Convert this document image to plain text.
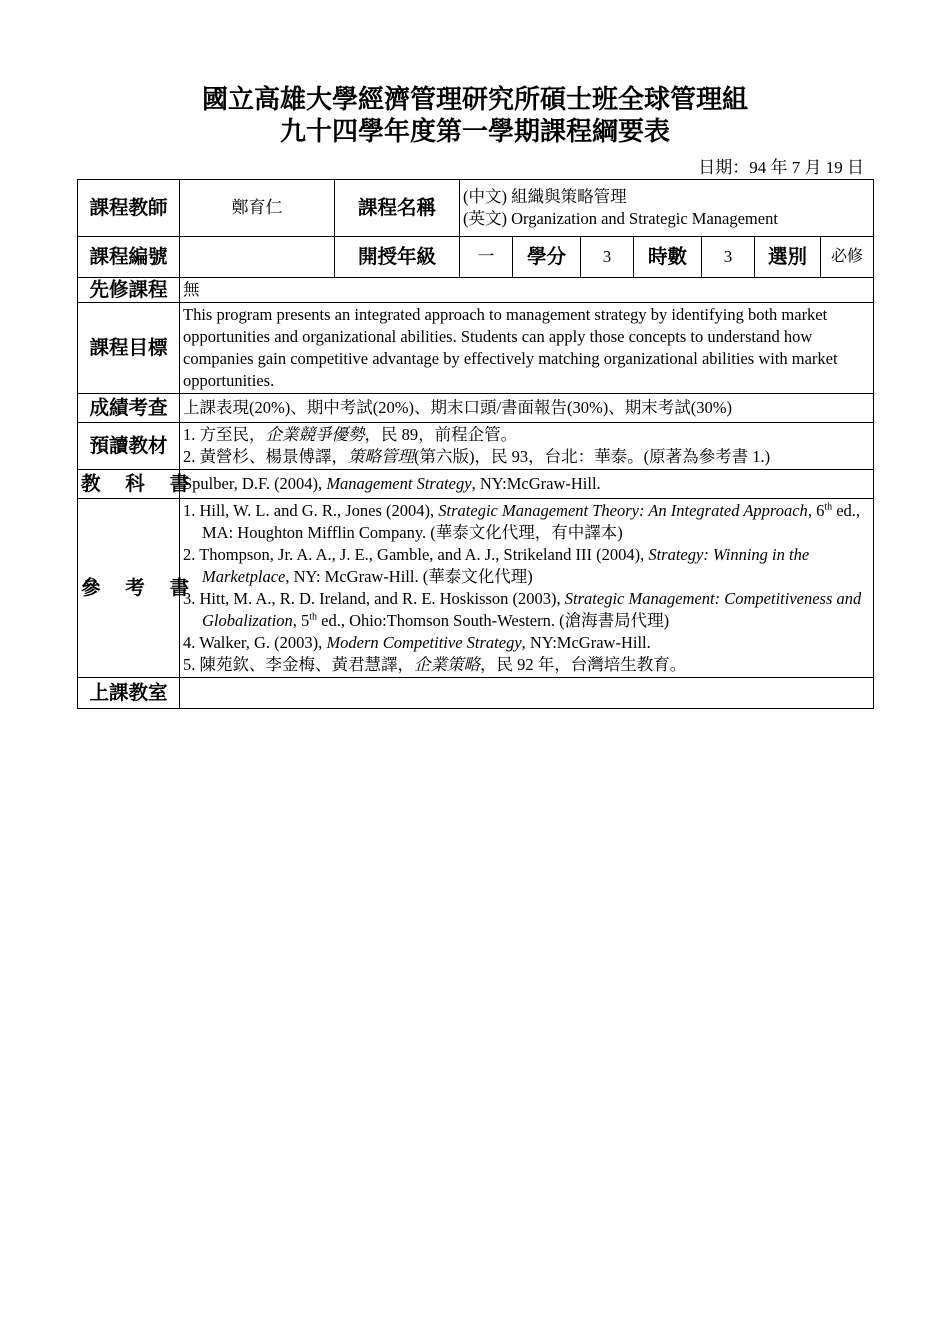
國立高雄大學經濟管理研究所碩士班全球管理組
九十四學年度第一學期課程綱要表
日期：94 年 7 月 19 日
課程教師	鄭育仁	課程名稱	(中文) 組織與策略管理
(英文) Organization and Strategic Management						

課程編號		開授年級	一	學分	3	時數	3	選別	必修
先修課程	無								
課程目標	This program presents an integrated approach to management strategy by identifying both market opportunities and organizational abilities. Students can apply those concepts to understand how companies gain competitive advantage by effectively matching organizational abilities with market opportunities.								
成績考查	上課表現(20%)、期中考試(20%)、期末口頭/書面報告(30%)、期末考試(30%)								
預讀教材	1. 方至民，企業競爭優勢，民 89，前程企管。
2. 黃營杉、楊景傅譯，策略管理(第六版)，民 93，台北：華泰。(原著為參考書 1.)								

教 科 書	Spulber, D.F. (2004), Management Strategy, NY:McGraw-Hill.								
參 考 書	1. Hill, W. L. and G. R., Jones (2004), Strategic Management Theory: An Integrated Approach, 6th ed., MA: Houghton Mifflin Company. (華泰文化代理，有中譯本)
2. Thompson, Jr. A. A., J. E., Gamble, and A. J., Strikeland III (2004), Strategy: Winning in the Marketplace, NY: McGraw-Hill. (華泰文化代理)
3. Hitt, M. A., R. D. Ireland, and R. E. Hoskisson (2003), Strategic Management: Competitiveness and Globalization, 5th ed., Ohio:Thomson South-Western. (滄海書局代理)
4. Walker, G. (2003), Modern Competitive Strategy, NY:McGraw-Hill.
5. 陳苑欽、李金梅、黃君慧譯，企業策略，民 92 年，台灣培生教育。								

上課教室									
